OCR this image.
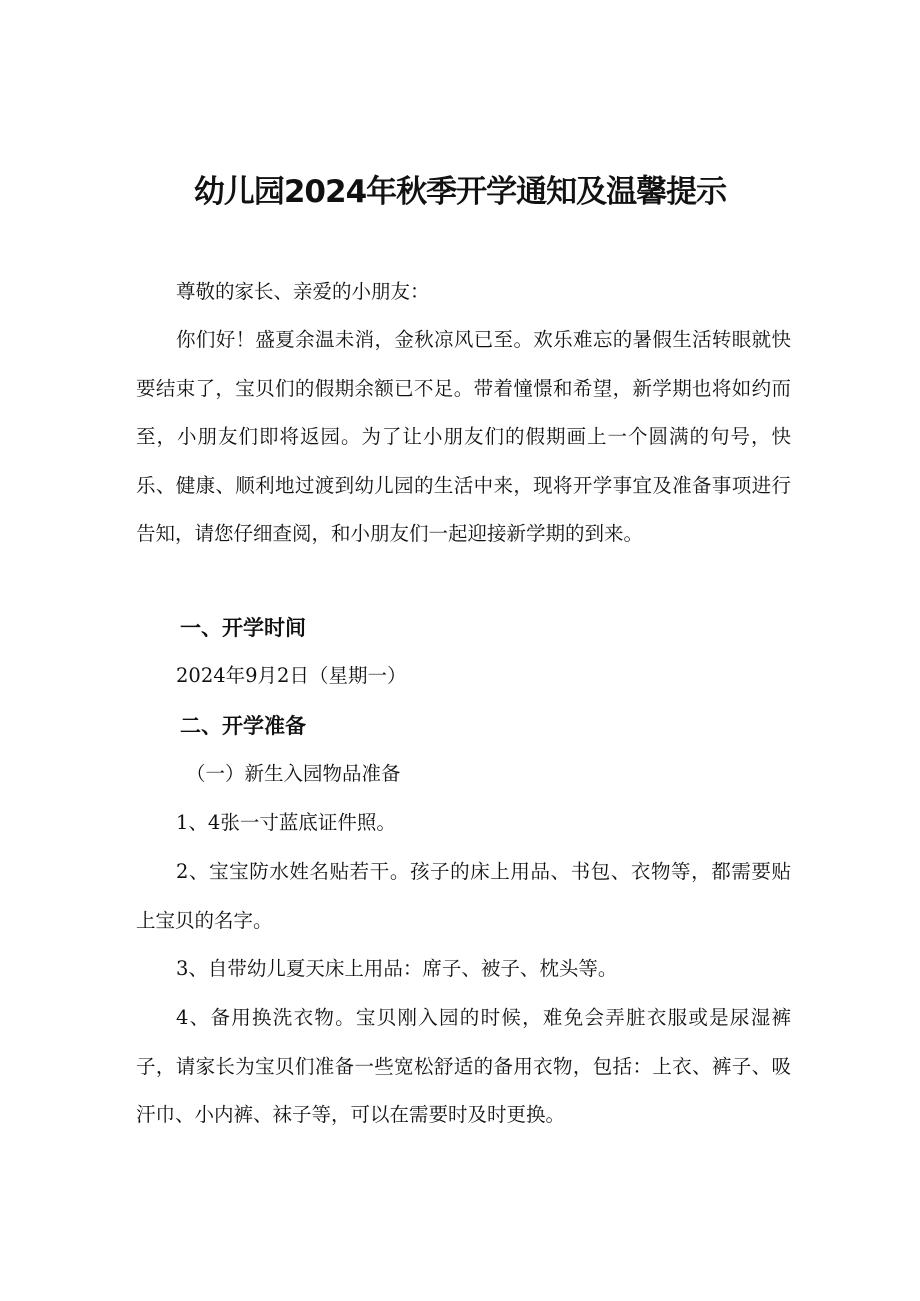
幼儿园2024年秋季开学通知及温馨提示

尊敬的家长、亲爱的小朋友：

你们好！盛夏余温未消，金秋凉风已至。欢乐难忘的暑假生活转眼就快要结束了，宝贝们的假期余额已不足。带着憧憬和希望，新学期也将如约而至，小朋友们即将返园。为了让小朋友们的假期画上一个圆满的句号，快乐、健康、顺利地过渡到幼儿园的生活中来，现将开学事宜及准备事项进行告知，请您仔细查阅，和小朋友们一起迎接新学期的到来。

一、开学时间

2024年9月2日（星期一）

二、开学准备

（一）新生入园物品准备

1、4张一寸蓝底证件照。

2、宝宝防水姓名贴若干。孩子的床上用品、书包、衣物等，都需要贴上宝贝的名字。

3、自带幼儿夏天床上用品：席子、被子、枕头等。

4、备用换洗衣物。宝贝刚入园的时候，难免会弄脏衣服或是尿湿裤子，请家长为宝贝们准备一些宽松舒适的备用衣物，包括：上衣、裤子、吸汗巾、小内裤、袜子等，可以在需要时及时更换。
